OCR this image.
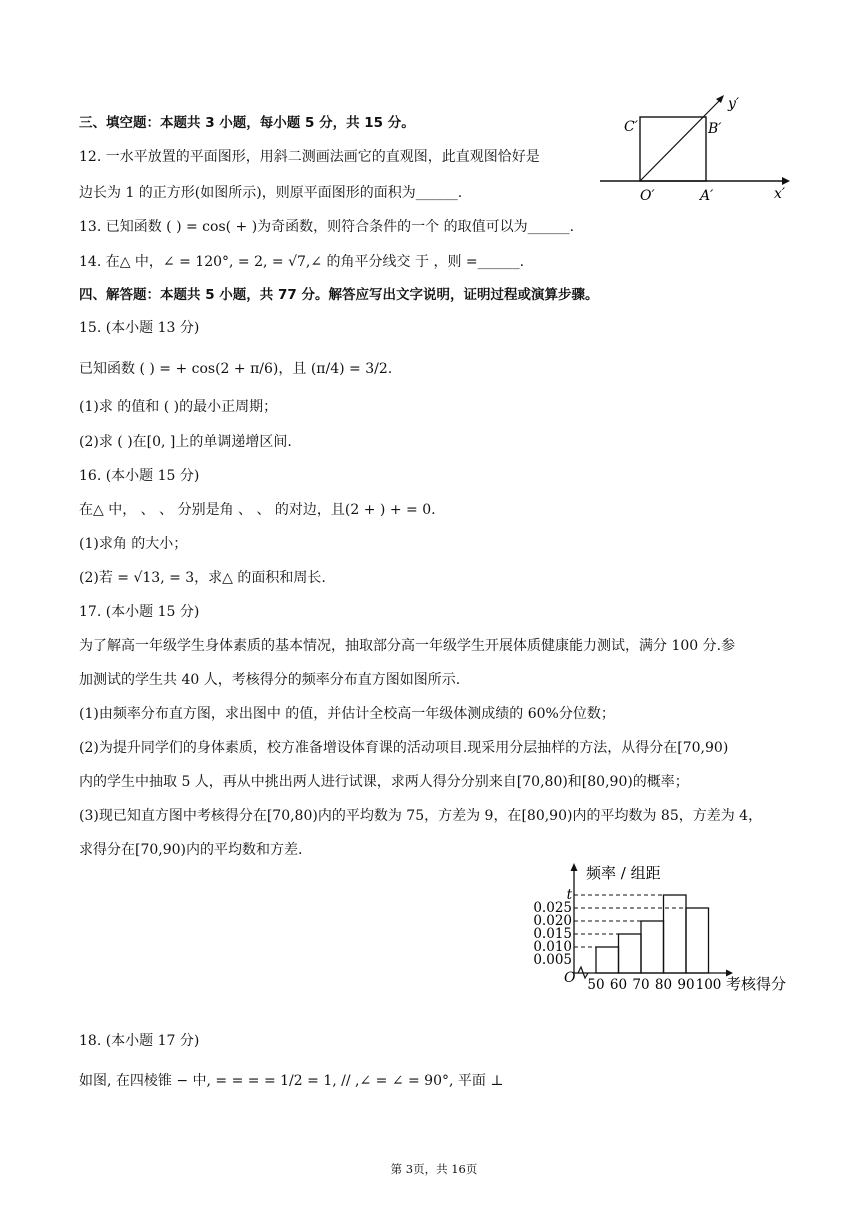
三、填空题：本题共 3 小题，每小题 5 分，共 15 分。
12. 一水平放置的平面图形，用斜二测画法画它的直观图，此直观图恰好是
边长为 1 的正方形(如图所示)，则原平面图形的面积为______.
13. 已知函数 ( ) = cos( + )为奇函数，则符合条件的一个 的取值可以为______.
14. 在△ 中，∠ = 120°, = 2, = √7,∠ 的角平分线交 于 ，则 =______.
四、解答题：本题共 5 小题，共 77 分。解答应写出文字说明，证明过程或演算步骤。
15. (本小题 13 分)
已知函数 ( ) = + cos(2 + π/6)，且 (π/4) = 3/2.
(1)求 的值和 ( )的最小正周期；
(2)求 ( )在[0, ]上的单调递增区间.
16. (本小题 15 分)
在△ 中， 、 、 分别是角 、 、 的对边，且(2 + ) + = 0.
(1)求角 的大小；
(2)若 = √13, = 3，求△ 的面积和周长.
17. (本小题 15 分)
为了解高一年级学生身体素质的基本情况，抽取部分高一年级学生开展体质健康能力测试，满分 100 分.参
加测试的学生共 40 人，考核得分的频率分布直方图如图所示.
(1)由频率分布直方图，求出图中 的值，并估计全校高一年级体测成绩的 60%分位数；
(2)为提升同学们的身体素质，校方准备增设体育课的活动项目.现采用分层抽样的方法，从得分在[70,90)
内的学生中抽取 5 人，再从中挑出两人进行试课，求两人得分分别来自[70,80)和[80,90)的概率；
(3)现已知直方图中考核得分在[70,80)内的平均数为 75，方差为 9，在[80,90)内的平均数为 85，方差为 4，
求得分在[70,90)内的平均数和方差.
18. (本小题 17 分)
如图, 在四棱锥 − 中, = = = = 1/2 = 1, // ,∠ = ∠ = 90°, 平面 ⊥
C′	B′
O′	A′	x′
y′
频率 / 组距
考核得分
O
0.005
0.010
0.015
0.020
0.025
t
50 60 70 80 90 100
第 3页，共 16页
